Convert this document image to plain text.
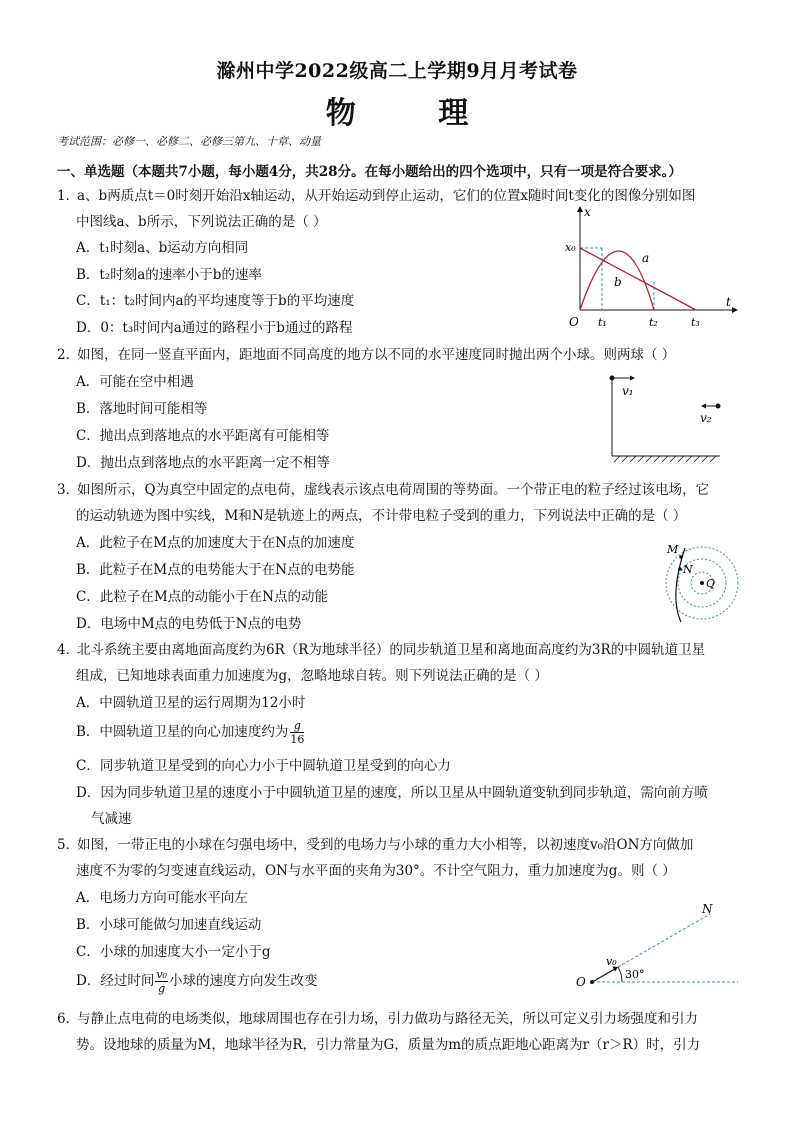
滁州中学2022级高二上学期9月月考试卷
物 理
考试范围：必修一、必修二、必修三第九、十章、动量
一、单选题（本题共7小题，每小题4分，共28分。在每小题给出的四个选项中，只有一项是符合要求。）
1．a、b两质点t＝0时刻开始沿x轴运动，从开始运动到停止运动，它们的位置x随时间t变化的图像分别如图
中图线a、b所示，下列说法正确的是（ ）
A．t₁时刻a、b运动方向相同
B．t₂时刻a的速率小于b的速率
C．t₁：t₂时间内a的平均速度等于b的平均速度
D．0：t₃时间内a通过的路程小于b通过的路程
x
t
x₀
O t₁	t₂	t₃
a
b
2．如图，在同一竖直平面内，距地面不同高度的地方以不同的水平速度同时抛出两个小球。则两球（ ）
A．可能在空中相遇
B．落地时间可能相等
C．抛出点到落地点的水平距离有可能相等
D．抛出点到落地点的水平距离一定不相等
v₁
v₂
3．如图所示，Q为真空中固定的点电荷，虚线表示该点电荷周围的等势面。一个带正电的粒子经过该电场，它
的运动轨迹为图中实线，M和N是轨迹上的两点，不计带电粒子受到的重力，下列说法中正确的是（ ）
A．此粒子在M点的加速度大于在N点的加速度
B．此粒子在M点的电势能大于在N点的电势能
C．此粒子在M点的动能小于在N点的动能
D．电场中M点的电势低于N点的电势
M
N
Q
4．北斗系统主要由离地面高度约为6R（R为地球半径）的同步轨道卫星和离地面高度约为3R的中圆轨道卫星
组成，已知地球表面重力加速度为g，忽略地球自转。则下列说法正确的是（ ）
A．中圆轨道卫星的运行周期为12小时
B．中圆轨道卫星的向心加速度约为 $\frac{g}{16}$
C．同步轨道卫星受到的向心力小于中圆轨道卫星受到的向心力
D．因为同步轨道卫星的速度小于中圆轨道卫星的速度，所以卫星从中圆轨道变轨到同步轨道，需向前方喷
气减速
5．如图，一带正电的小球在匀强电场中，受到的电场力与小球的重力大小相等，以初速度v₀沿ON方向做加
速度不为零的匀变速直线运动，ON与水平面的夹角为30°。不计空气阻力，重力加速度为g。则（ ）
A．电场力方向可能水平向左
B．小球可能做匀加速直线运动
C．小球的加速度大小一定小于g
D．经过时间 $\frac{\text{v₀}}{g}$ 小球的速度方向发生改变	O
N
v₀
30°
6．与静止点电荷的电场类似，地球周围也存在引力场，引力做功与路径无关，所以可定义引力场强度和引力
势。设地球的质量为M，地球半径为R，引力常量为G，质量为m的质点距地心距离为r（r＞R）时，引力
